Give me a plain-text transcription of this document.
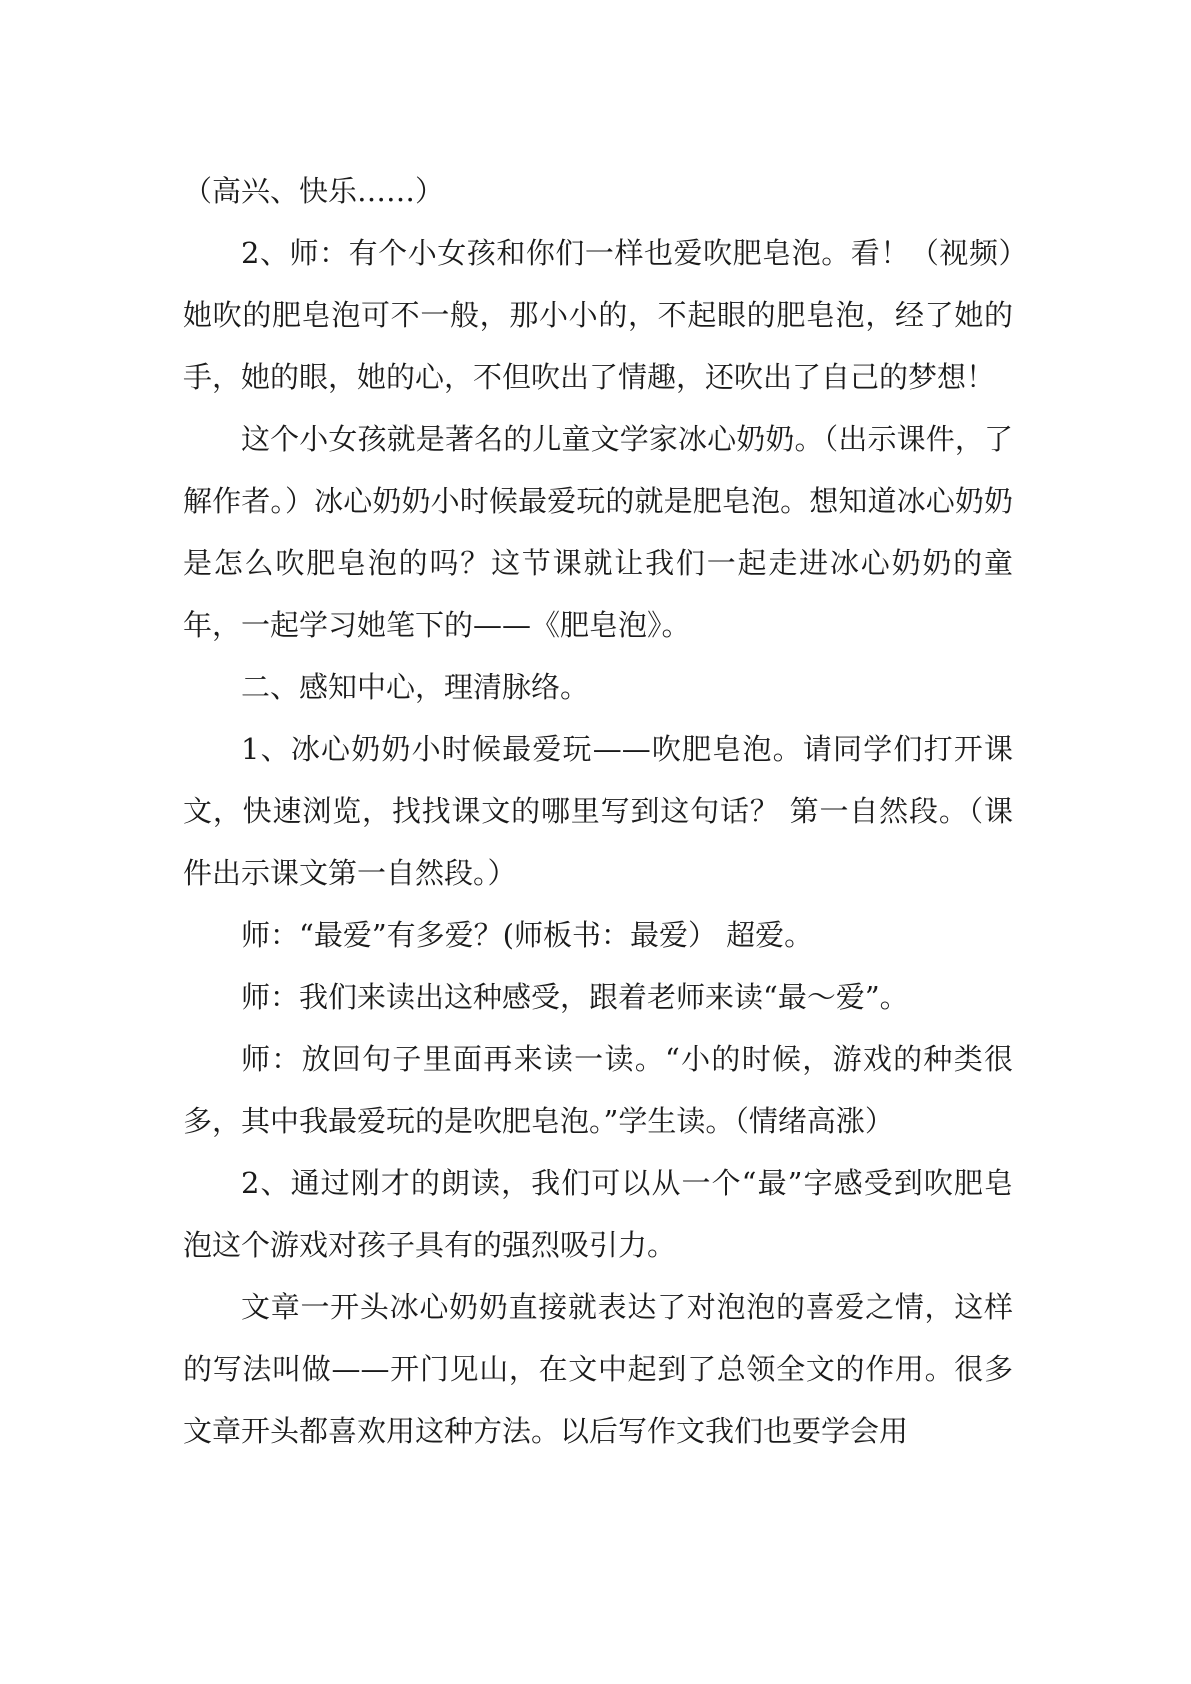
（高兴、快乐……）

2、师：有个小女孩和你们一样也爱吹肥皂泡。看！（视频）她吹的肥皂泡可不一般，那小小的，不起眼的肥皂泡，经了她的手，她的眼，她的心，不但吹出了情趣，还吹出了自己的梦想！

这个小女孩就是著名的儿童文学家冰心奶奶。（出示课件，了解作者。）冰心奶奶小时候最爱玩的就是肥皂泡。想知道冰心奶奶是怎么吹肥皂泡的吗？这节课就让我们一起走进冰心奶奶的童年，一起学习她笔下的——《肥皂泡》。

二、感知中心，理清脉络。

1、冰心奶奶小时候最爱玩——吹肥皂泡。请同学们打开课文，快速浏览，找找课文的哪里写到这句话？ 第一自然段。（课件出示课文第一自然段。）

师：“最爱”有多爱？(师板书：最爱） 超爱。

师：我们来读出这种感受，跟着老师来读“最～爱”。

师：放回句子里面再来读一读。“小的时候，游戏的种类很多，其中我最爱玩的是吹肥皂泡。”学生读。（情绪高涨）

2、通过刚才的朗读，我们可以从一个“最”字感受到吹肥皂泡这个游戏对孩子具有的强烈吸引力。

文章一开头冰心奶奶直接就表达了对泡泡的喜爱之情，这样的写法叫做——开门见山，在文中起到了总领全文的作用。很多文章开头都喜欢用这种方法。以后写作文我们也要学会用
